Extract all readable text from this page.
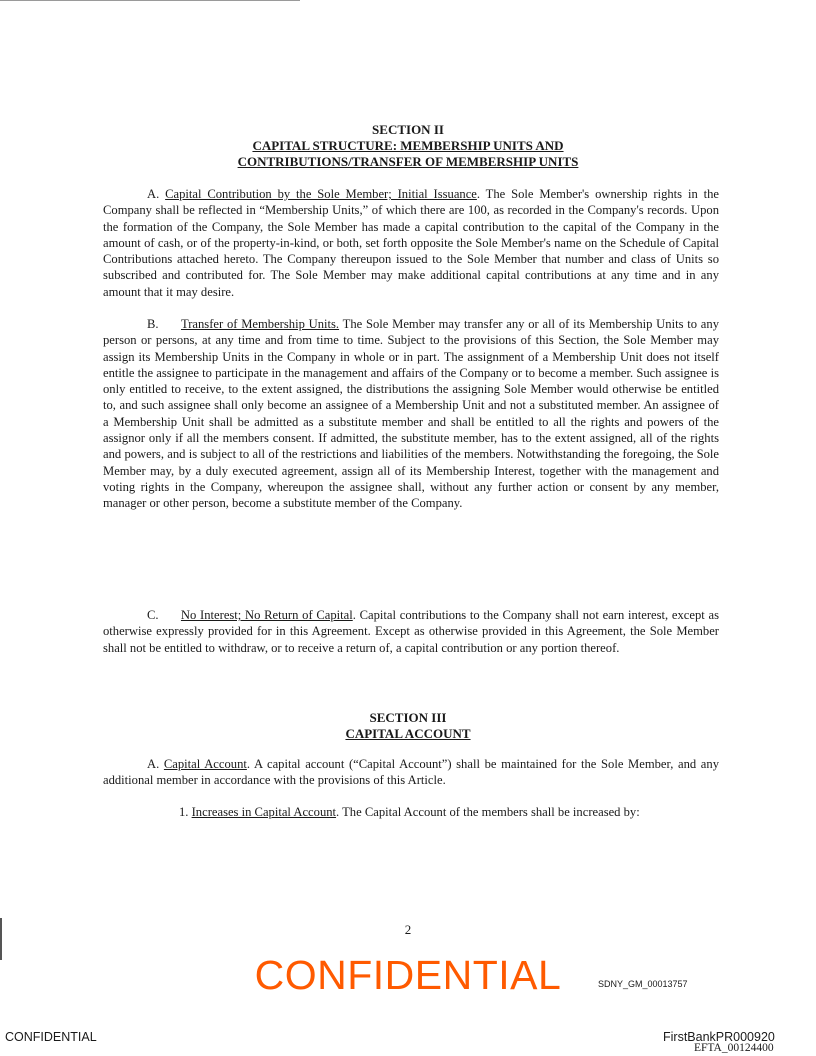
SECTION II
CAPITAL STRUCTURE: MEMBERSHIP UNITS AND
CONTRIBUTIONS/TRANSFER OF MEMBERSHIP UNITS
A. Capital Contribution by the Sole Member; Initial Issuance. The Sole Member's ownership rights in the Company shall be reflected in “Membership Units,” of which there are 100, as recorded in the Company's records. Upon the formation of the Company, the Sole Member has made a capital contribution to the capital of the Company in the amount of cash, or of the property-in-kind, or both, set forth opposite the Sole Member's name on the Schedule of Capital Contributions attached hereto. The Company thereupon issued to the Sole Member that number and class of Units so subscribed and contributed for. The Sole Member may make additional capital contributions at any time and in any amount that it may desire.
B. Transfer of Membership Units. The Sole Member may transfer any or all of its Membership Units to any person or persons, at any time and from time to time. Subject to the provisions of this Section, the Sole Member may assign its Membership Units in the Company in whole or in part. The assignment of a Membership Unit does not itself entitle the assignee to participate in the management and affairs of the Company or to become a member. Such assignee is only entitled to receive, to the extent assigned, the distributions the assigning Sole Member would otherwise be entitled to, and such assignee shall only become an assignee of a Membership Unit and not a substituted member. An assignee of a Membership Unit shall be admitted as a substitute member and shall be entitled to all the rights and powers of the assignor only if all the members consent. If admitted, the substitute member, has to the extent assigned, all of the rights and powers, and is subject to all of the restrictions and liabilities of the members. Notwithstanding the foregoing, the Sole Member may, by a duly executed agreement, assign all of its Membership Interest, together with the management and voting rights in the Company, whereupon the assignee shall, without any further action or consent by any member, manager or other person, become a substitute member of the Company.
C. No Interest; No Return of Capital. Capital contributions to the Company shall not earn interest, except as otherwise expressly provided for in this Agreement. Except as otherwise provided in this Agreement, the Sole Member shall not be entitled to withdraw, or to receive a return of, a capital contribution or any portion thereof.
SECTION III
CAPITAL ACCOUNT
A. Capital Account. A capital account (“Capital Account”) shall be maintained for the Sole Member, and any additional member in accordance with the provisions of this Article.
1. Increases in Capital Account. The Capital Account of the members shall be increased by:
2
CONFIDENTIAL
CONFIDENTIAL
SDNY_GM_00013757
FirstBankPR000920
EFTA_00124400
